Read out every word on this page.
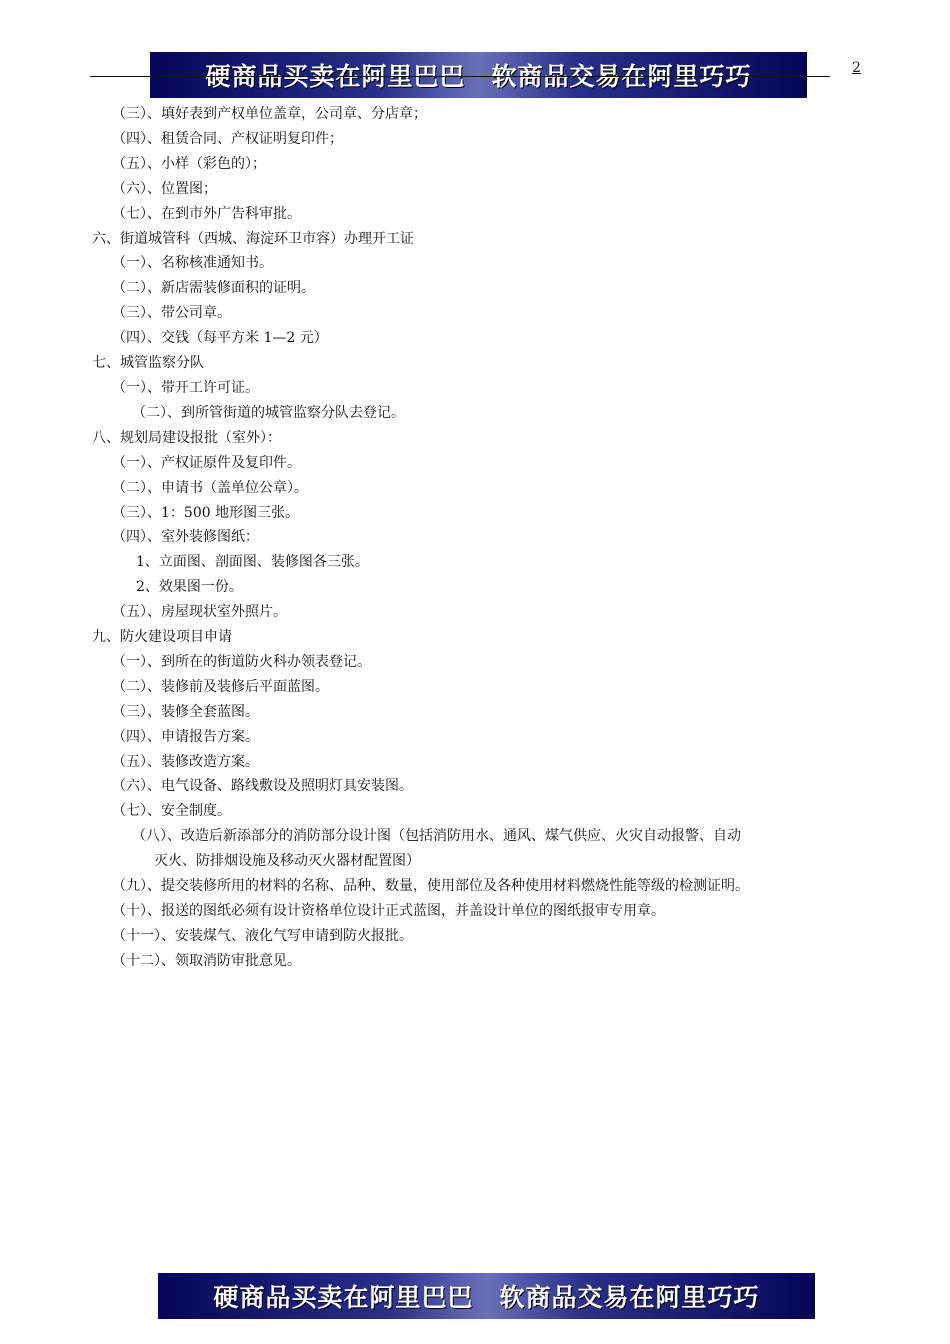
硬商品买卖在阿里巴巴　软商品交易在阿里巧巧	2
（三）、填好表到产权单位盖章，公司章、分店章；
（四）、租赁合同、产权证明复印件；
（五）、小样（彩色的）；
（六）、位置图；
（七）、在到市外广告科审批。
六、街道城管科（西城、海淀环卫市容）办理开工证
（一）、名称核准通知书。
（二）、新店需装修面积的证明。
（三）、带公司章。
（四）、交钱（每平方米 1—2 元）
七、城管监察分队
（一）、带开工许可证。
（二）、到所管街道的城管监察分队去登记。
八、规划局建设报批（室外）：
（一）、产权证原件及复印件。
（二）、申请书（盖单位公章）。
（三）、1：500 地形图三张。
（四）、室外装修图纸：
1、立面图、剖面图、装修图各三张。
2、效果图一份。
（五）、房屋现状室外照片。
九、防火建设项目申请
（一）、到所在的街道防火科办领表登记。
（二）、装修前及装修后平面蓝图。
（三）、装修全套蓝图。
（四）、申请报告方案。
（五）、装修改造方案。
（六）、电气设备、路线敷设及照明灯具安装图。
（七）、安全制度。
（八）、改造后新添部分的消防部分设计图（包括消防用水、通风、煤气供应、火灾自动报警、自动
灭火、防排烟设施及移动灭火器材配置图）
（九）、提交装修所用的材料的名称、品种、数量，使用部位及各种使用材料燃烧性能等级的检测证明。
（十）、报送的图纸必须有设计资格单位设计正式蓝图，并盖设计单位的图纸报审专用章。
（十一）、安装煤气、液化气写申请到防火报批。
（十二）、领取消防审批意见。
硬商品买卖在阿里巴巴　软商品交易在阿里巧巧
